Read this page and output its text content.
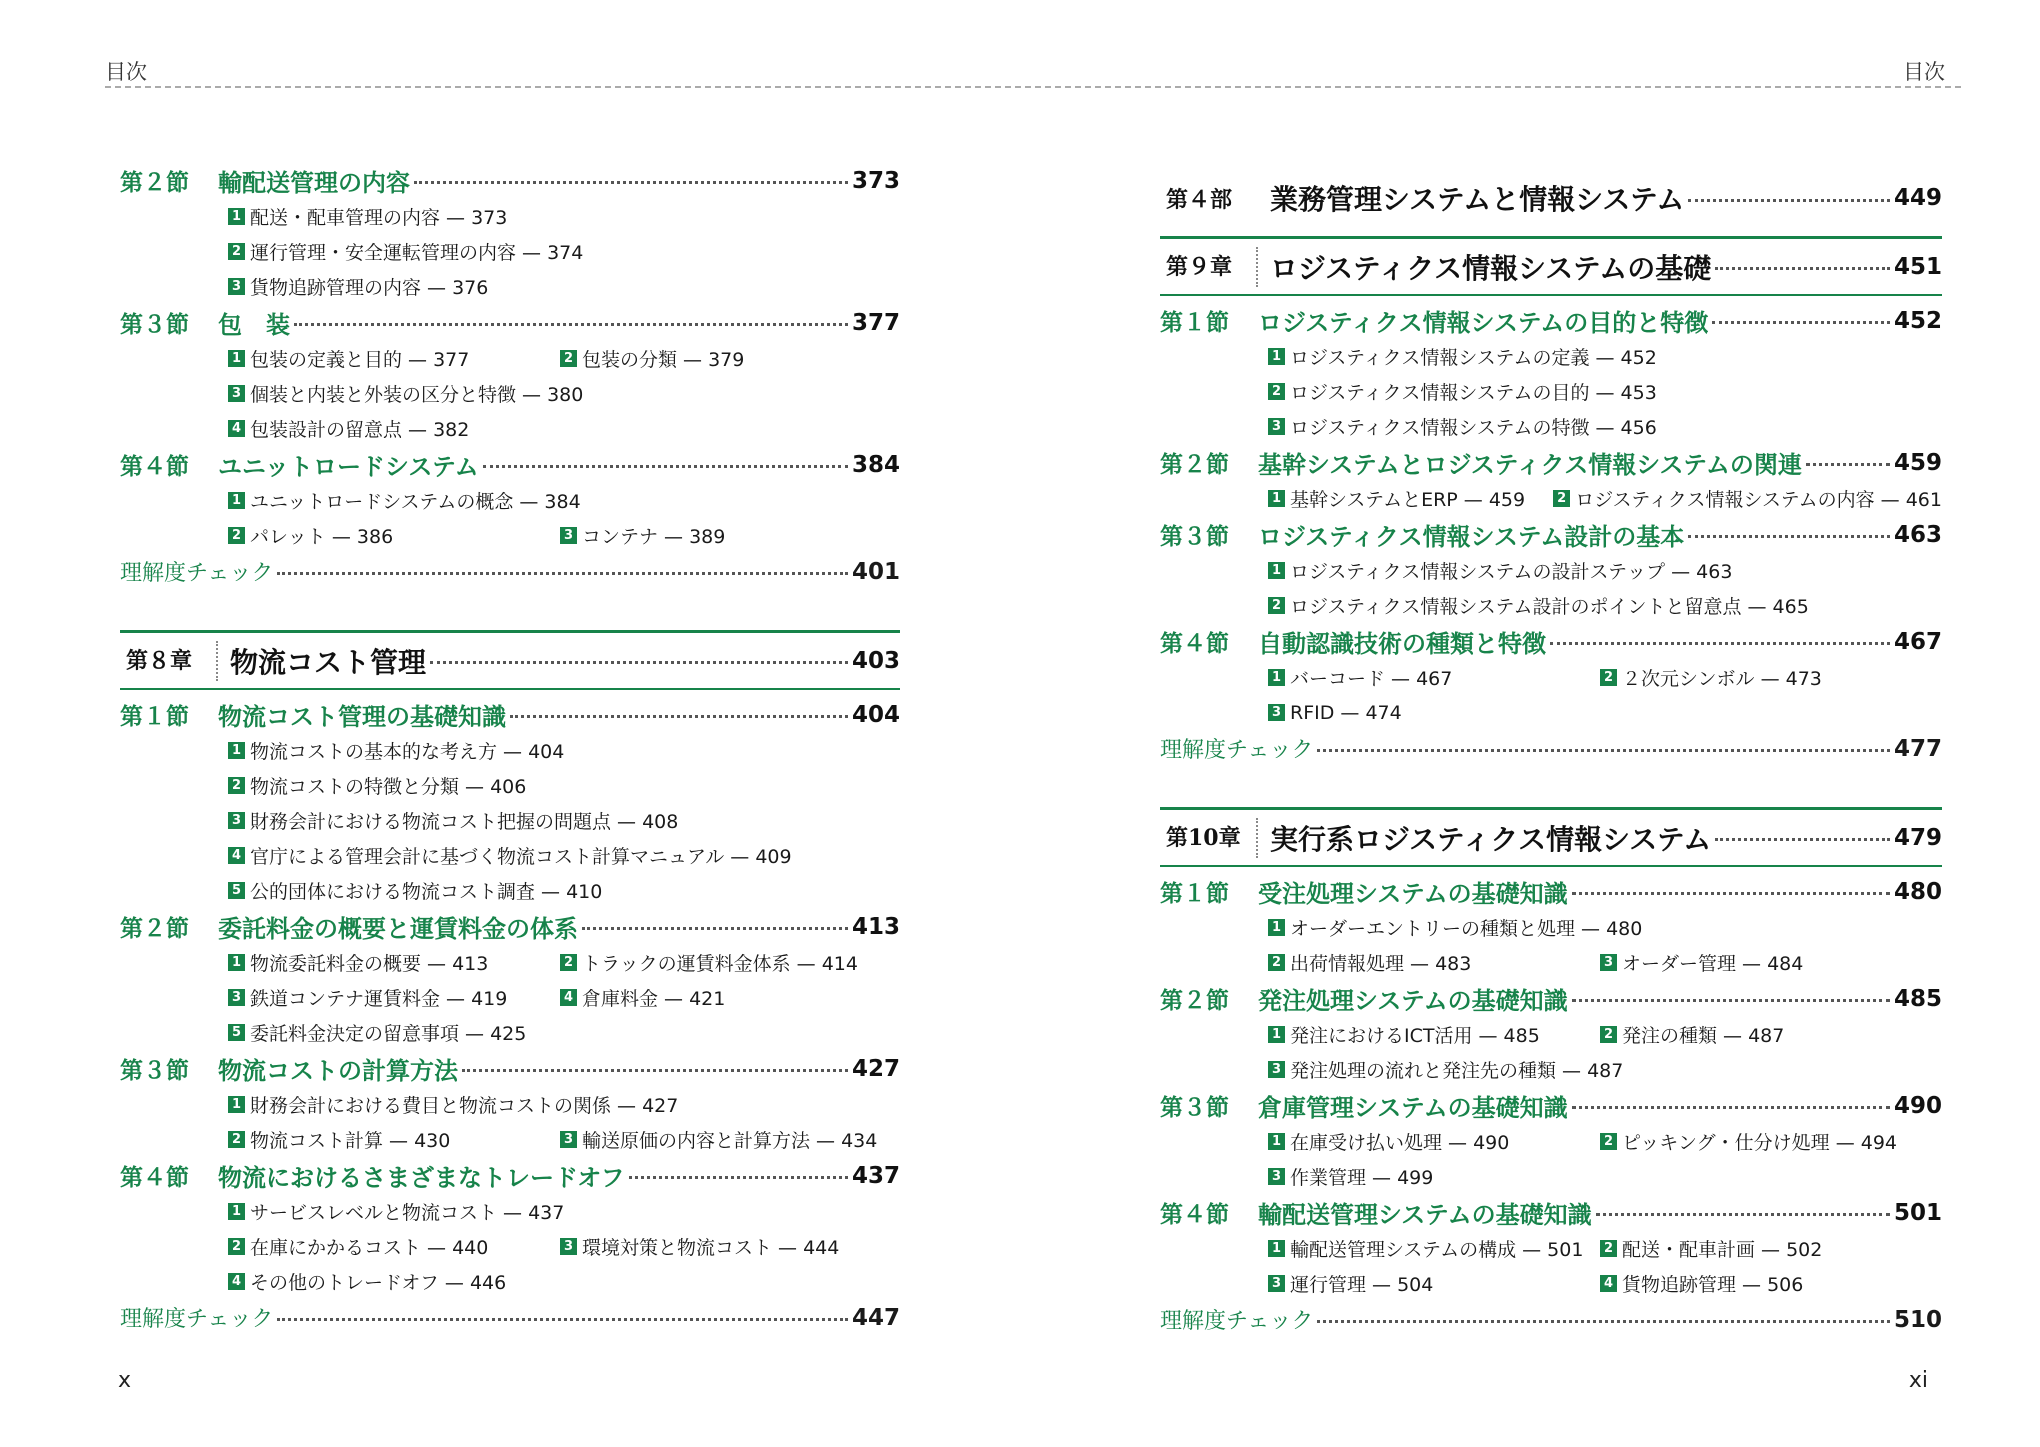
目次	目次
第２節	輸配送管理の内容	373
1 配送・配車管理の内容 — 373
2 運行管理・安全運転管理の内容 — 374
3 貨物追跡管理の内容 — 376
第３節	包　装	377
1 包装の定義と目的 — 377	2 包装の分類 — 379
3 個装と内装と外装の区分と特徴 — 380
4 包装設計の留意点 — 382
第４節	ユニットロードシステム	384
1 ユニットロードシステムの概念 — 384
2 パレット — 386	3 コンテナ — 389
理解度チェック	401
第８章	物流コスト管理	403
第１節	物流コスト管理の基礎知識	404
1 物流コストの基本的な考え方 — 404
2 物流コストの特徴と分類 — 406
3 財務会計における物流コスト把握の問題点 — 408
4 官庁による管理会計に基づく物流コスト計算マニュアル — 409
5 公的団体における物流コスト調査 — 410
第２節	委託料金の概要と運賃料金の体系	413
1 物流委託料金の概要 — 413	2 トラックの運賃料金体系 — 414
3 鉄道コンテナ運賃料金 — 419	4 倉庫料金 — 421
5 委託料金決定の留意事項 — 425
第３節	物流コストの計算方法	427
1 財務会計における費目と物流コストの関係 — 427
2 物流コスト計算 — 430	3 輸送原価の内容と計算方法 — 434
第４節	物流におけるさまざまなトレードオフ	437
1 サービスレベルと物流コスト — 437
2 在庫にかかるコスト — 440	3 環境対策と物流コスト — 444
4 その他のトレードオフ — 446
理解度チェック	447
第４部	業務管理システムと情報システム	449
第９章	ロジスティクス情報システムの基礎	451
第１節	ロジスティクス情報システムの目的と特徴	452
1 ロジスティクス情報システムの定義 — 452
2 ロジスティクス情報システムの目的 — 453
3 ロジスティクス情報システムの特徴 — 456
第２節	基幹システムとロジスティクス情報システムの関連	459
1 基幹システムとERP — 459	2 ロジスティクス情報システムの内容 — 461
第３節	ロジスティクス情報システム設計の基本	463
1 ロジスティクス情報システムの設計ステップ — 463
2 ロジスティクス情報システム設計のポイントと留意点 — 465
第４節	自動認識技術の種類と特徴	467
1 バーコード — 467	2 ２次元シンボル — 473
3 RFID — 474
理解度チェック	477
第10章	実行系ロジスティクス情報システム	479
第１節	受注処理システムの基礎知識	480
1 オーダーエントリーの種類と処理 — 480
2 出荷情報処理 — 483	3 オーダー管理 — 484
第２節	発注処理システムの基礎知識	485
1 発注におけるICT活用 — 485	2 発注の種類 — 487
3 発注処理の流れと発注先の種類 — 487
第３節	倉庫管理システムの基礎知識	490
1 在庫受け払い処理 — 490	2 ピッキング・仕分け処理 — 494
3 作業管理 — 499
第４節	輸配送管理システムの基礎知識	501
1 輸配送管理システムの構成 — 501	2 配送・配車計画 — 502
3 運行管理 — 504	4 貨物追跡管理 — 506
理解度チェック	510
x	xi
